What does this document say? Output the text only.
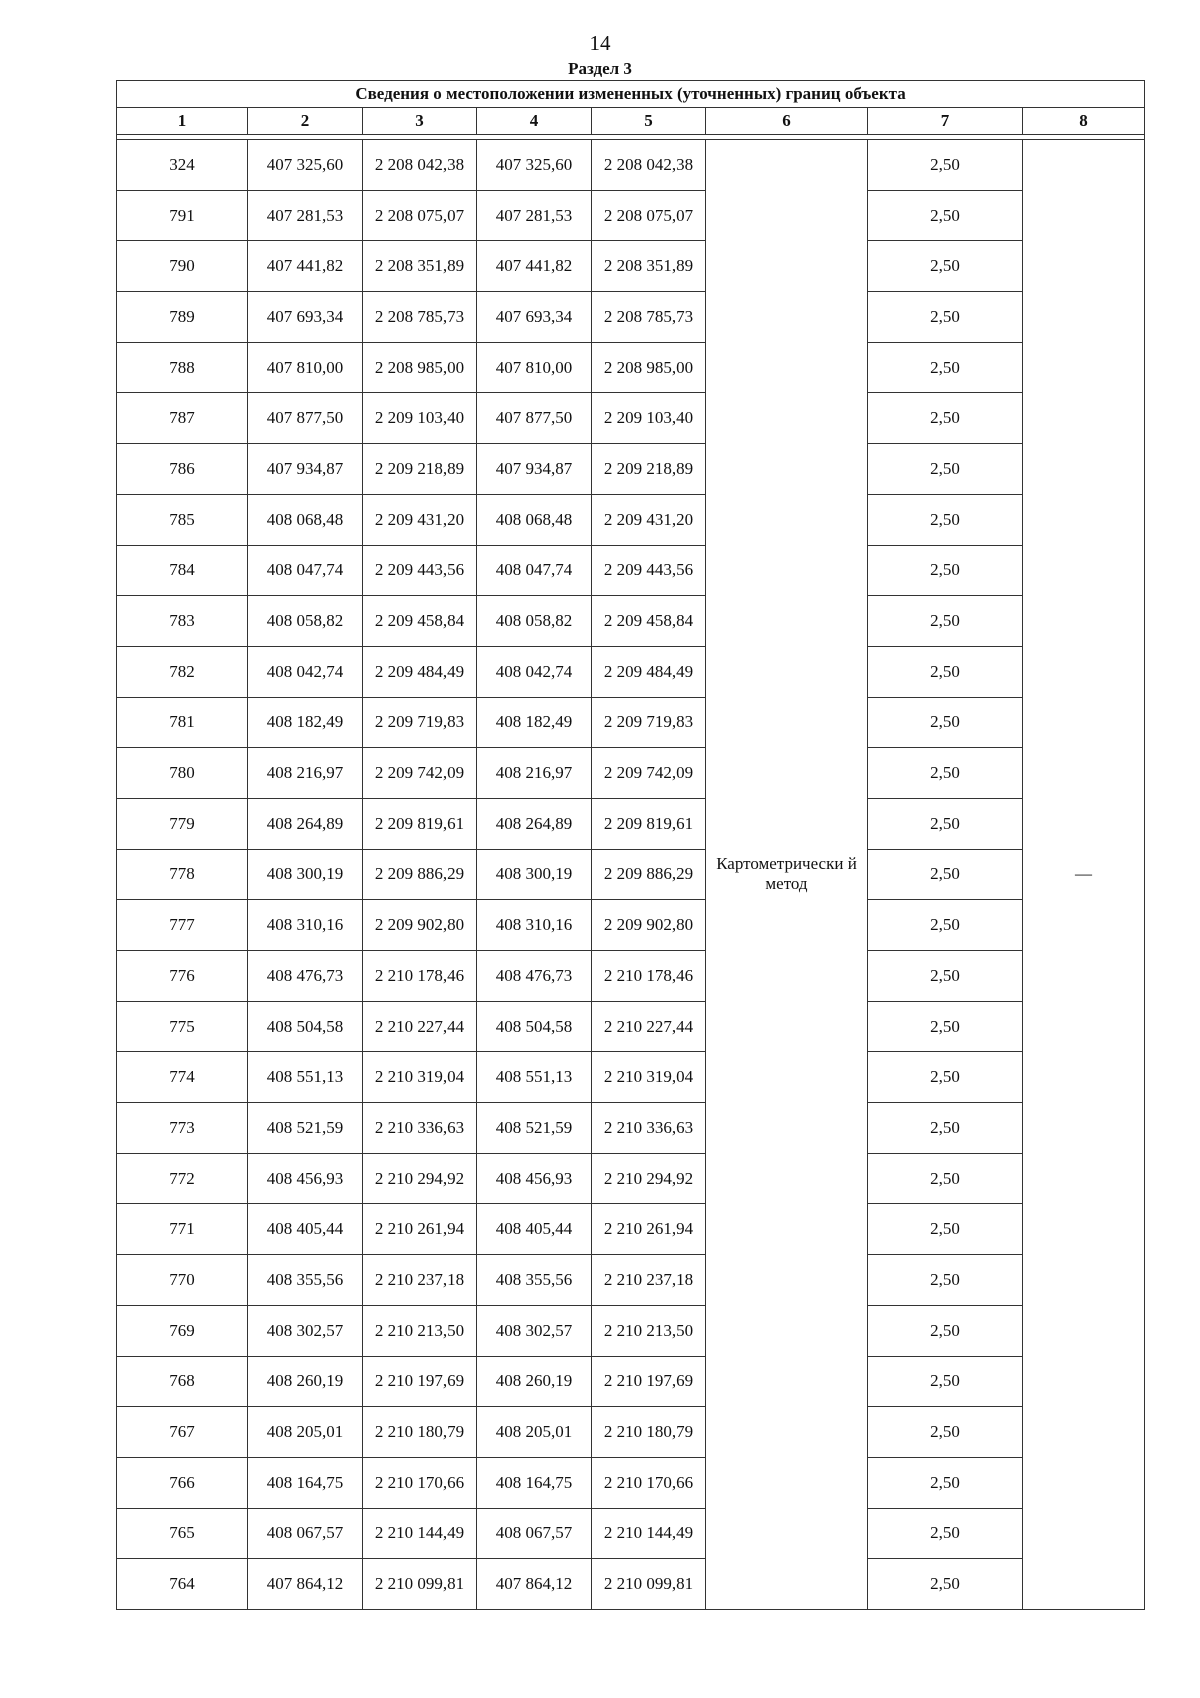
14
Раздел 3
Сведения о местоположении измененных (уточненных) границ объекта							
1	2	3	4	5	6	7	8

324	407 325,60	2 208 042,38	407 325,60	2 208 042,38	Картометрически й метод	2,50	—
791	407 281,53	2 208 075,07	407 281,53	2 208 075,07		2,50	
790	407 441,82	2 208 351,89	407 441,82	2 208 351,89		2,50	
789	407 693,34	2 208 785,73	407 693,34	2 208 785,73		2,50	
788	407 810,00	2 208 985,00	407 810,00	2 208 985,00		2,50	
787	407 877,50	2 209 103,40	407 877,50	2 209 103,40		2,50	
786	407 934,87	2 209 218,89	407 934,87	2 209 218,89		2,50	
785	408 068,48	2 209 431,20	408 068,48	2 209 431,20		2,50	
784	408 047,74	2 209 443,56	408 047,74	2 209 443,56		2,50	
783	408 058,82	2 209 458,84	408 058,82	2 209 458,84		2,50	
782	408 042,74	2 209 484,49	408 042,74	2 209 484,49		2,50	
781	408 182,49	2 209 719,83	408 182,49	2 209 719,83		2,50	
780	408 216,97	2 209 742,09	408 216,97	2 209 742,09		2,50	
779	408 264,89	2 209 819,61	408 264,89	2 209 819,61		2,50	
778	408 300,19	2 209 886,29	408 300,19	2 209 886,29		2,50	
777	408 310,16	2 209 902,80	408 310,16	2 209 902,80		2,50	
776	408 476,73	2 210 178,46	408 476,73	2 210 178,46		2,50	
775	408 504,58	2 210 227,44	408 504,58	2 210 227,44		2,50	
774	408 551,13	2 210 319,04	408 551,13	2 210 319,04		2,50	
773	408 521,59	2 210 336,63	408 521,59	2 210 336,63		2,50	
772	408 456,93	2 210 294,92	408 456,93	2 210 294,92		2,50	
771	408 405,44	2 210 261,94	408 405,44	2 210 261,94		2,50	
770	408 355,56	2 210 237,18	408 355,56	2 210 237,18		2,50	
769	408 302,57	2 210 213,50	408 302,57	2 210 213,50		2,50	
768	408 260,19	2 210 197,69	408 260,19	2 210 197,69		2,50	
767	408 205,01	2 210 180,79	408 205,01	2 210 180,79		2,50	
766	408 164,75	2 210 170,66	408 164,75	2 210 170,66		2,50	
765	408 067,57	2 210 144,49	408 067,57	2 210 144,49		2,50	
764	407 864,12	2 210 099,81	407 864,12	2 210 099,81		2,50	
